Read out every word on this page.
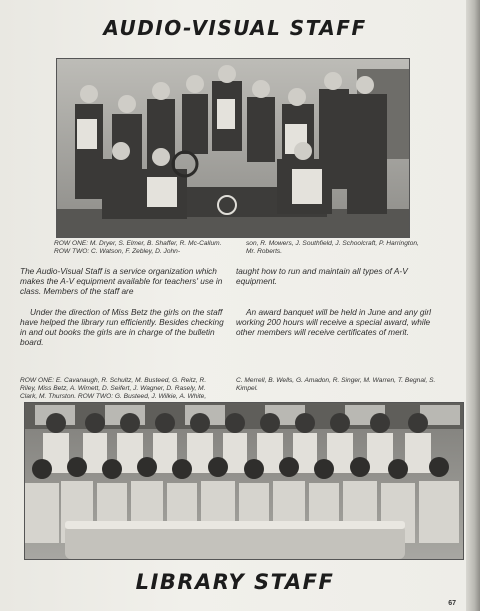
AUDIO-VISUAL STAFF
ROW ONE: M. Dryer, S. Elmer, B. Shaffer, R. Mc-Callum. ROW TWO: C. Watson, F. Zebley, D. John-
son, R. Mowers, J. Southfield, J. Schoolcraft, P. Harrington, Mr. Roberts.
The Audio-Visual Staff is a service organization which makes the A-V equipment available for teachers' use in class. Members of the staff are
taught how to run and maintain all types of A-V equipment.
Under the direction of Miss Betz the girls on the staff have helped the library run efficiently. Besides checking in and out books the girls are in charge of the bulletin board.
An award banquet will be held in June and any girl working 200 hours will receive a special award, while other members will receive certificates of merit.
ROW ONE: E. Cavanaugh, R. Schultz, M. Busteed, G. Reitz, R. Riley, Miss Betz, A. Wimett, D. Seifert, J. Wagner, D. Rasely, M. Clark, M. Thurston. ROW TWO: G. Busteed, J. Wilkie, A. White,
C. Merrell, B. Wells, G. Amadon, R. Singer, M. Warren, T. Begnal, S. Kimpel.
LIBRARY STAFF
67
